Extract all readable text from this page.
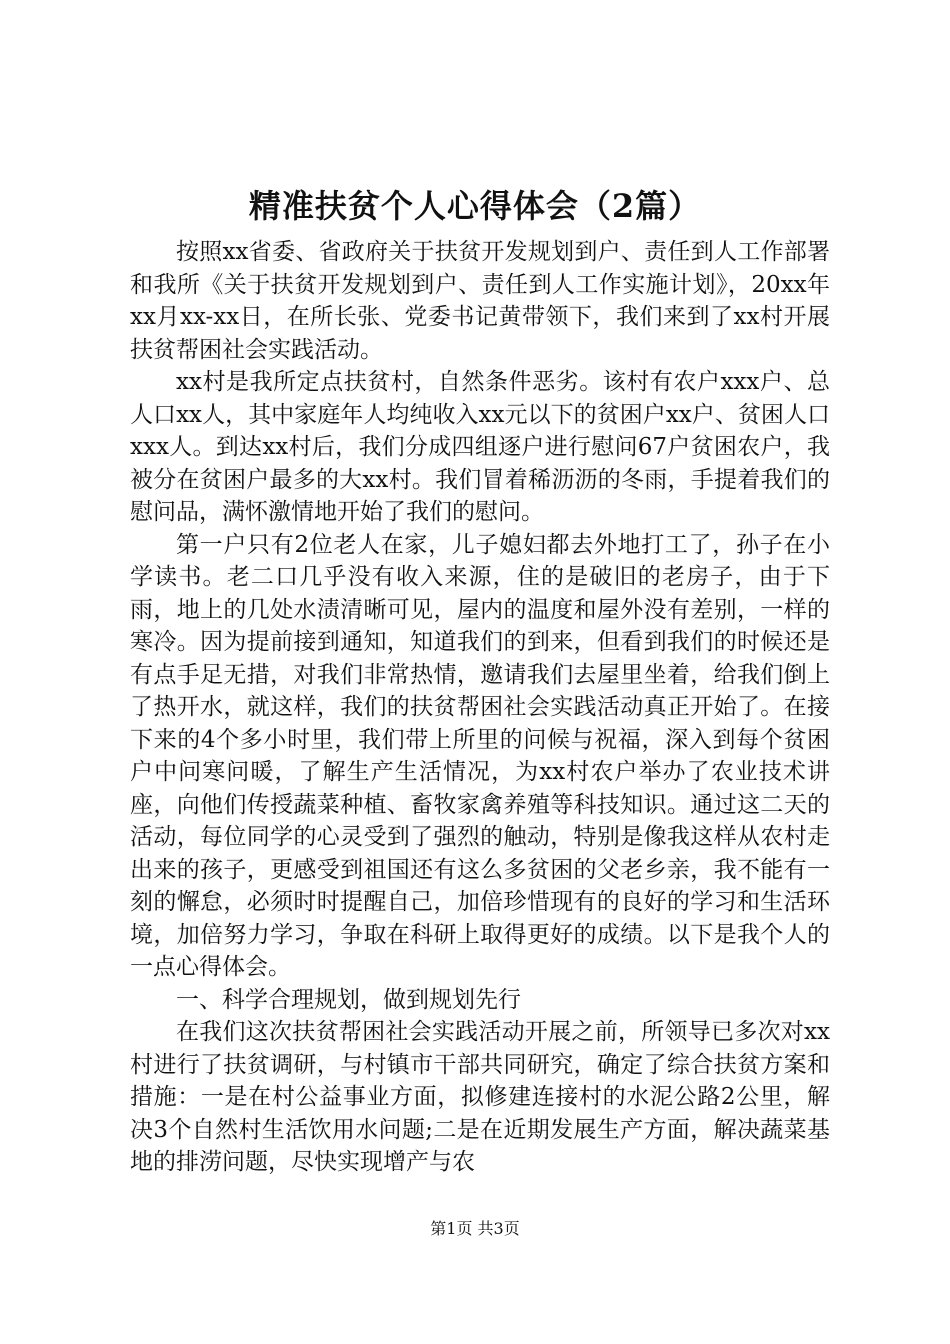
精准扶贫个人心得体会（2篇）

按照xx省委、省政府关于扶贫开发规划到户、责任到人工作部署和我所《关于扶贫开发规划到户、责任到人工作实施计划》，20xx年xx月xx-xx日，在所长张、党委书记黄带领下，我们来到了xx村开展扶贫帮困社会实践活动。

xx村是我所定点扶贫村，自然条件恶劣。该村有农户xxx户、总人口xx人，其中家庭年人均纯收入xx元以下的贫困户xx户、贫困人口xxx人。到达xx村后，我们分成四组逐户进行慰问67户贫困农户，我被分在贫困户最多的大xx村。我们冒着稀沥沥的冬雨，手提着我们的慰问品，满怀激情地开始了我们的慰问。

第一户只有2位老人在家，儿子媳妇都去外地打工了，孙子在小学读书。老二口几乎没有收入来源，住的是破旧的老房子，由于下雨，地上的几处水渍清晰可见，屋内的温度和屋外没有差别，一样的寒冷。因为提前接到通知，知道我们的到来，但看到我们的时候还是有点手足无措，对我们非常热情，邀请我们去屋里坐着，给我们倒上了热开水，就这样，我们的扶贫帮困社会实践活动真正开始了。在接下来的4个多小时里，我们带上所里的问候与祝福，深入到每个贫困户中问寒问暖，了解生产生活情况，为xx村农户举办了农业技术讲座，向他们传授蔬菜种植、畜牧家禽养殖等科技知识。通过这二天的活动，每位同学的心灵受到了强烈的触动，特别是像我这样从农村走出来的孩子，更感受到祖国还有这么多贫困的父老乡亲，我不能有一刻的懈怠，必须时时提醒自己，加倍珍惜现有的良好的学习和生活环境，加倍努力学习，争取在科研上取得更好的成绩。以下是我个人的一点心得体会。

一、科学合理规划，做到规划先行

在我们这次扶贫帮困社会实践活动开展之前，所领导已多次对xx村进行了扶贫调研，与村镇市干部共同研究，确定了综合扶贫方案和措施：一是在村公益事业方面，拟修建连接村的水泥公路2公里，解决3个自然村生活饮用水问题;二是在近期发展生产方面，解决蔬菜基地的排涝问题，尽快实现增产与农

第1页 共3页
